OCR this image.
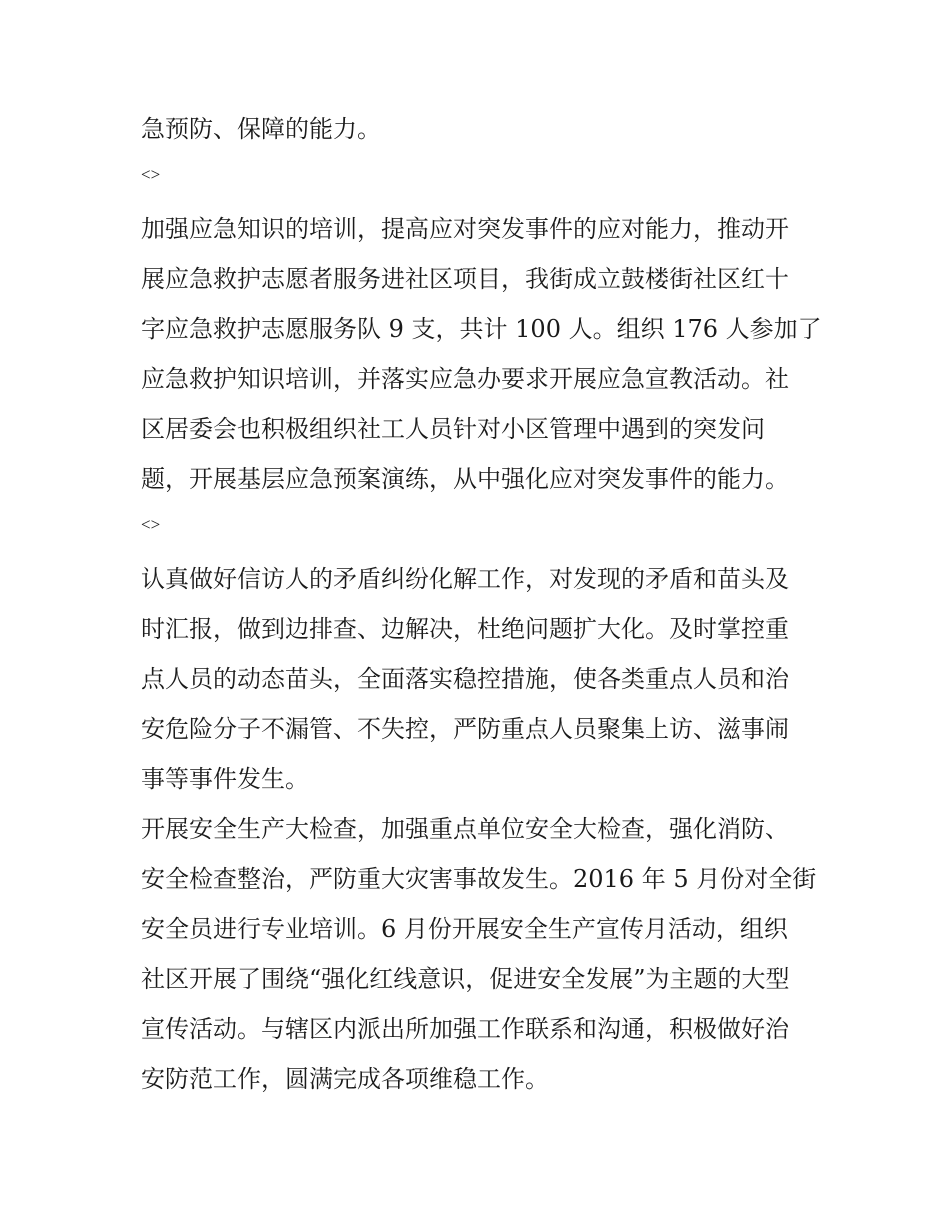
急预防、保障的能力。
<>
加强应急知识的培训，提高应对突发事件的应对能力，推动开
展应急救护志愿者服务进社区项目，我街成立鼓楼街社区红十
字应急救护志愿服务队 9 支，共计 100 人。组织 176 人参加了
应急救护知识培训，并落实应急办要求开展应急宣教活动。社
区居委会也积极组织社工人员针对小区管理中遇到的突发问
题，开展基层应急预案演练，从中强化应对突发事件的能力。
<>
认真做好信访人的矛盾纠纷化解工作，对发现的矛盾和苗头及
时汇报，做到边排查、边解决，杜绝问题扩大化。及时掌控重
点人员的动态苗头，全面落实稳控措施，使各类重点人员和治
安危险分子不漏管、不失控，严防重点人员聚集上访、滋事闹
事等事件发生。
开展安全生产大检查，加强重点单位安全大检查，强化消防、
安全检查整治，严防重大灾害事故发生。2016 年 5 月份对全街
安全员进行专业培训。6 月份开展安全生产宣传月活动，组织
社区开展了围绕“强化红线意识，促进安全发展”为主题的大型
宣传活动。与辖区内派出所加强工作联系和沟通，积极做好治
安防范工作，圆满完成各项维稳工作。
